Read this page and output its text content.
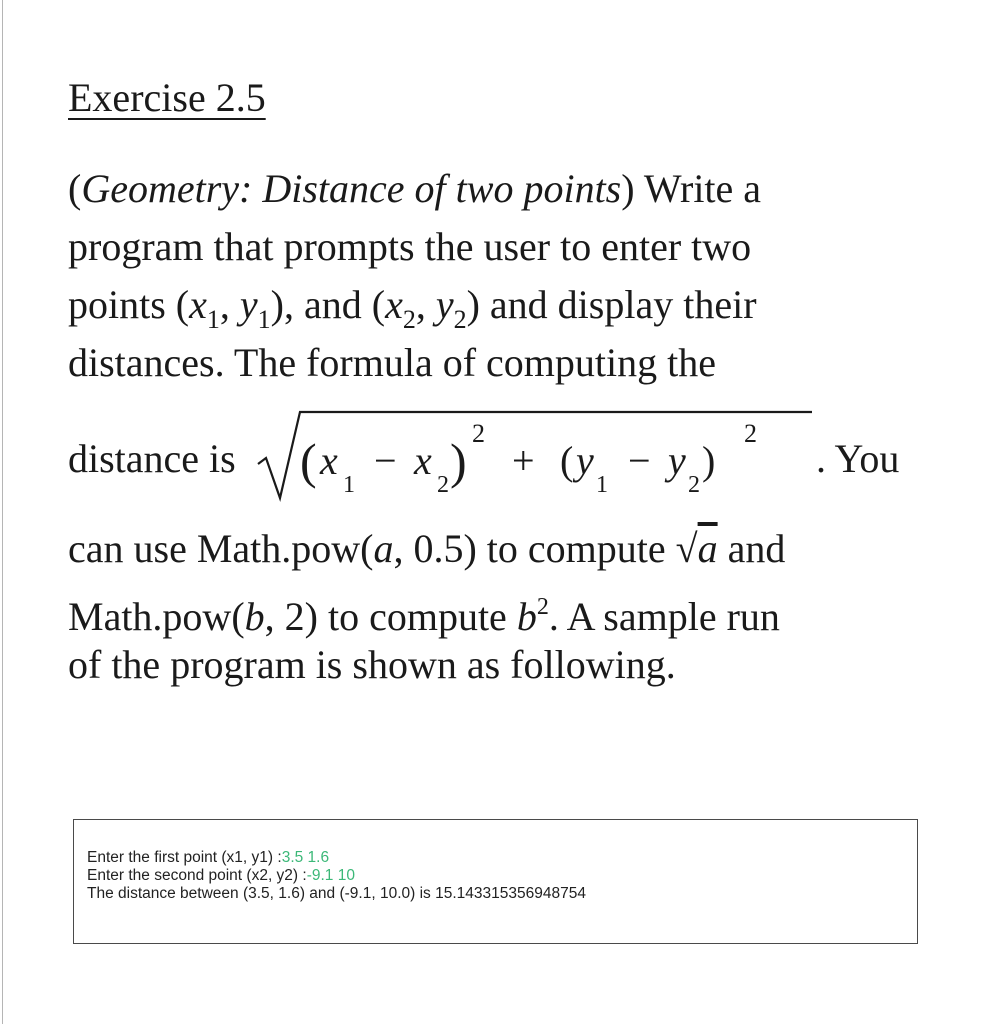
Exercise 2.5
(Geometry: Distance of two points) Write a
program that prompts the user to enter two
points ($x_1$, $y_1$), and ($x_2$, $y_2$) and display their
distances. The formula of computing the
distance is ( x
1
− x
2 ) 2
+ ( y
1
− y
2
)
2
. You
can use Math.pow(a, 0.5) to compute √a and
Math.pow(b, 2) to compute $b^2$. A sample run
of the program is shown as following.
Enter the first point (x1, y1) :3.5 1.6
Enter the second point (x2, y2) :-9.1 10
The distance between (3.5, 1.6) and (-9.1, 10.0) is 15.143315356948754
